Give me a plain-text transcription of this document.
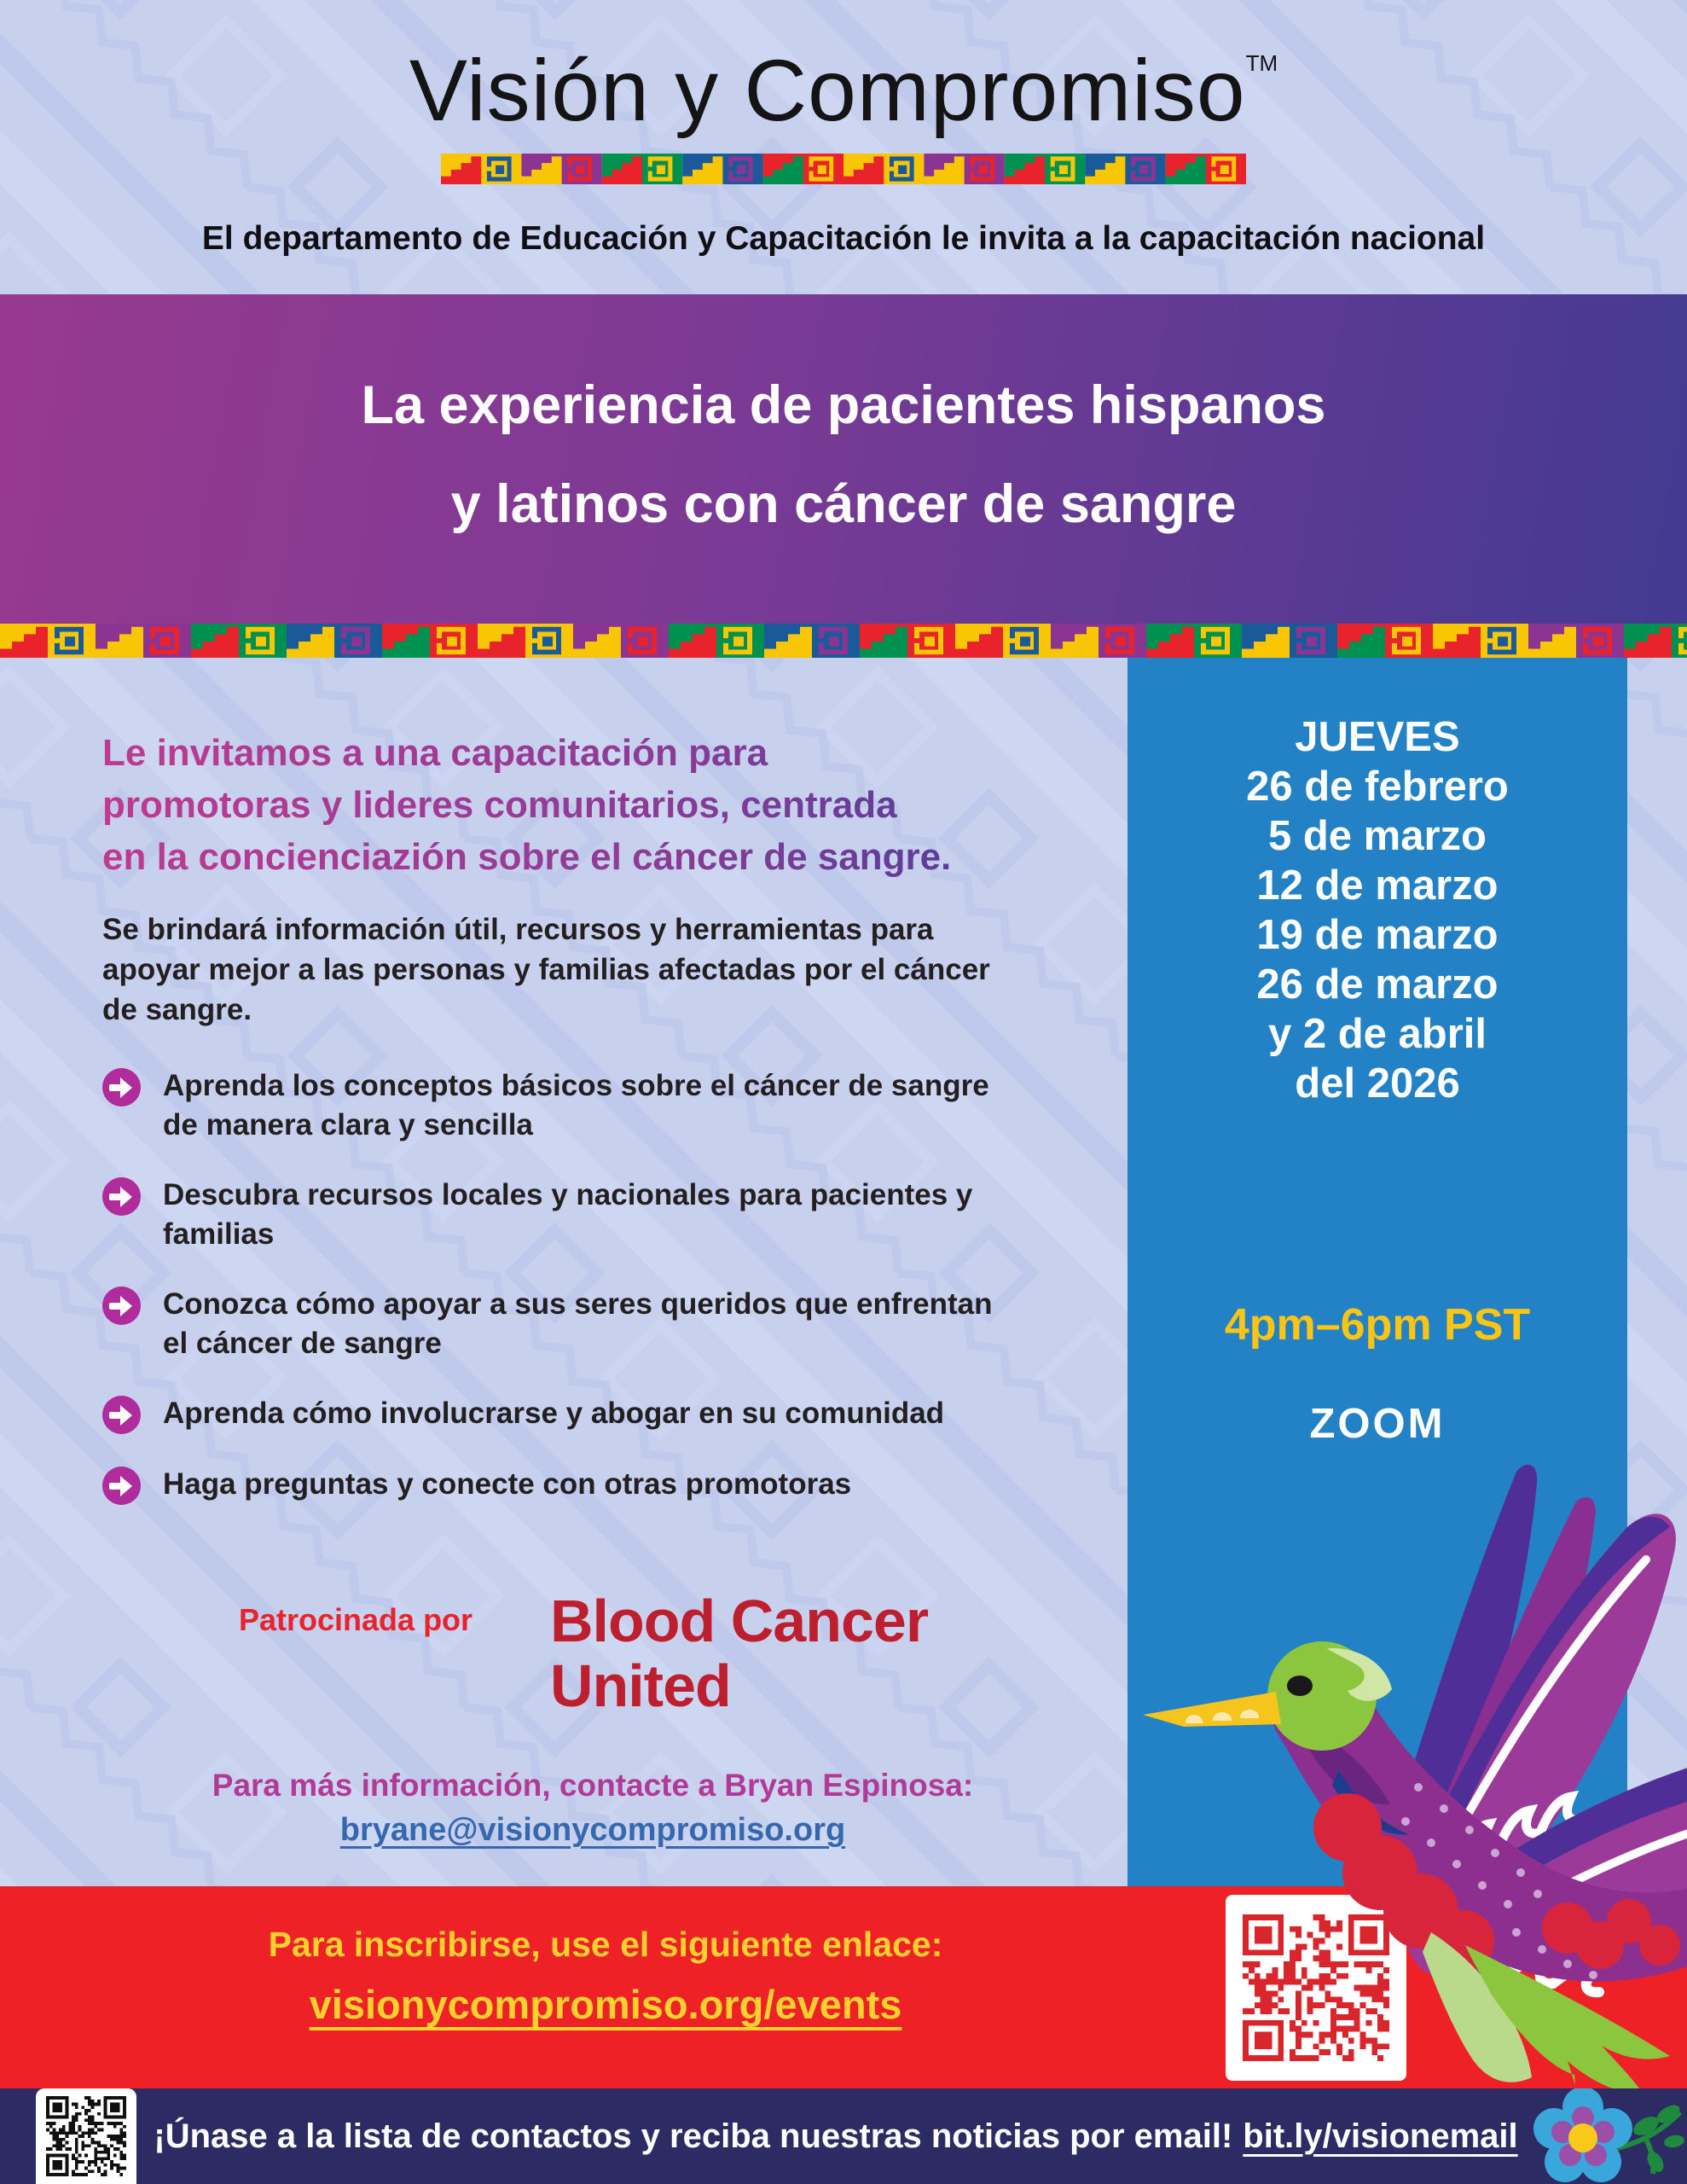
Visión y Compromiso™
El departamento de Educación y Capacitación le invita a la capacitación nacional
La experiencia de pacientes hispanos
y latinos con cáncer de sangre
Le invitamos a una capacitación para
promotoras y lideres comunitarios, centrada
en la concienciazión sobre el cáncer de sangre.
Se brindará información útil, recursos y herramientas para
apoyar mejor a las personas y familias afectadas por el cáncer
de sangre.
Aprenda los conceptos básicos sobre el cáncer de sangre de manera clara y sencilla
Descubra recursos locales y nacionales para pacientes y familias
Conozca cómo apoyar a sus seres queridos que enfrentan el cáncer de sangre
Aprenda cómo involucrarse y abogar en su comunidad
Haga preguntas y conecte con otras promotoras
Patrocinada por Blood Cancer
United
Para más información, contacte a Bryan Espinosa:
bryane@visionycompromiso.org
JUEVES
26 de febrero
5 de marzo
12 de marzo
19 de marzo
26 de marzo
y 2 de abril
del 2026
4pm–6pm PST
ZOOM
Para inscribirse, use el siguiente enlace:
visionycompromiso.org/events
¡Únase a la lista de contactos y reciba nuestras noticias por email! bit.ly/visionemail
